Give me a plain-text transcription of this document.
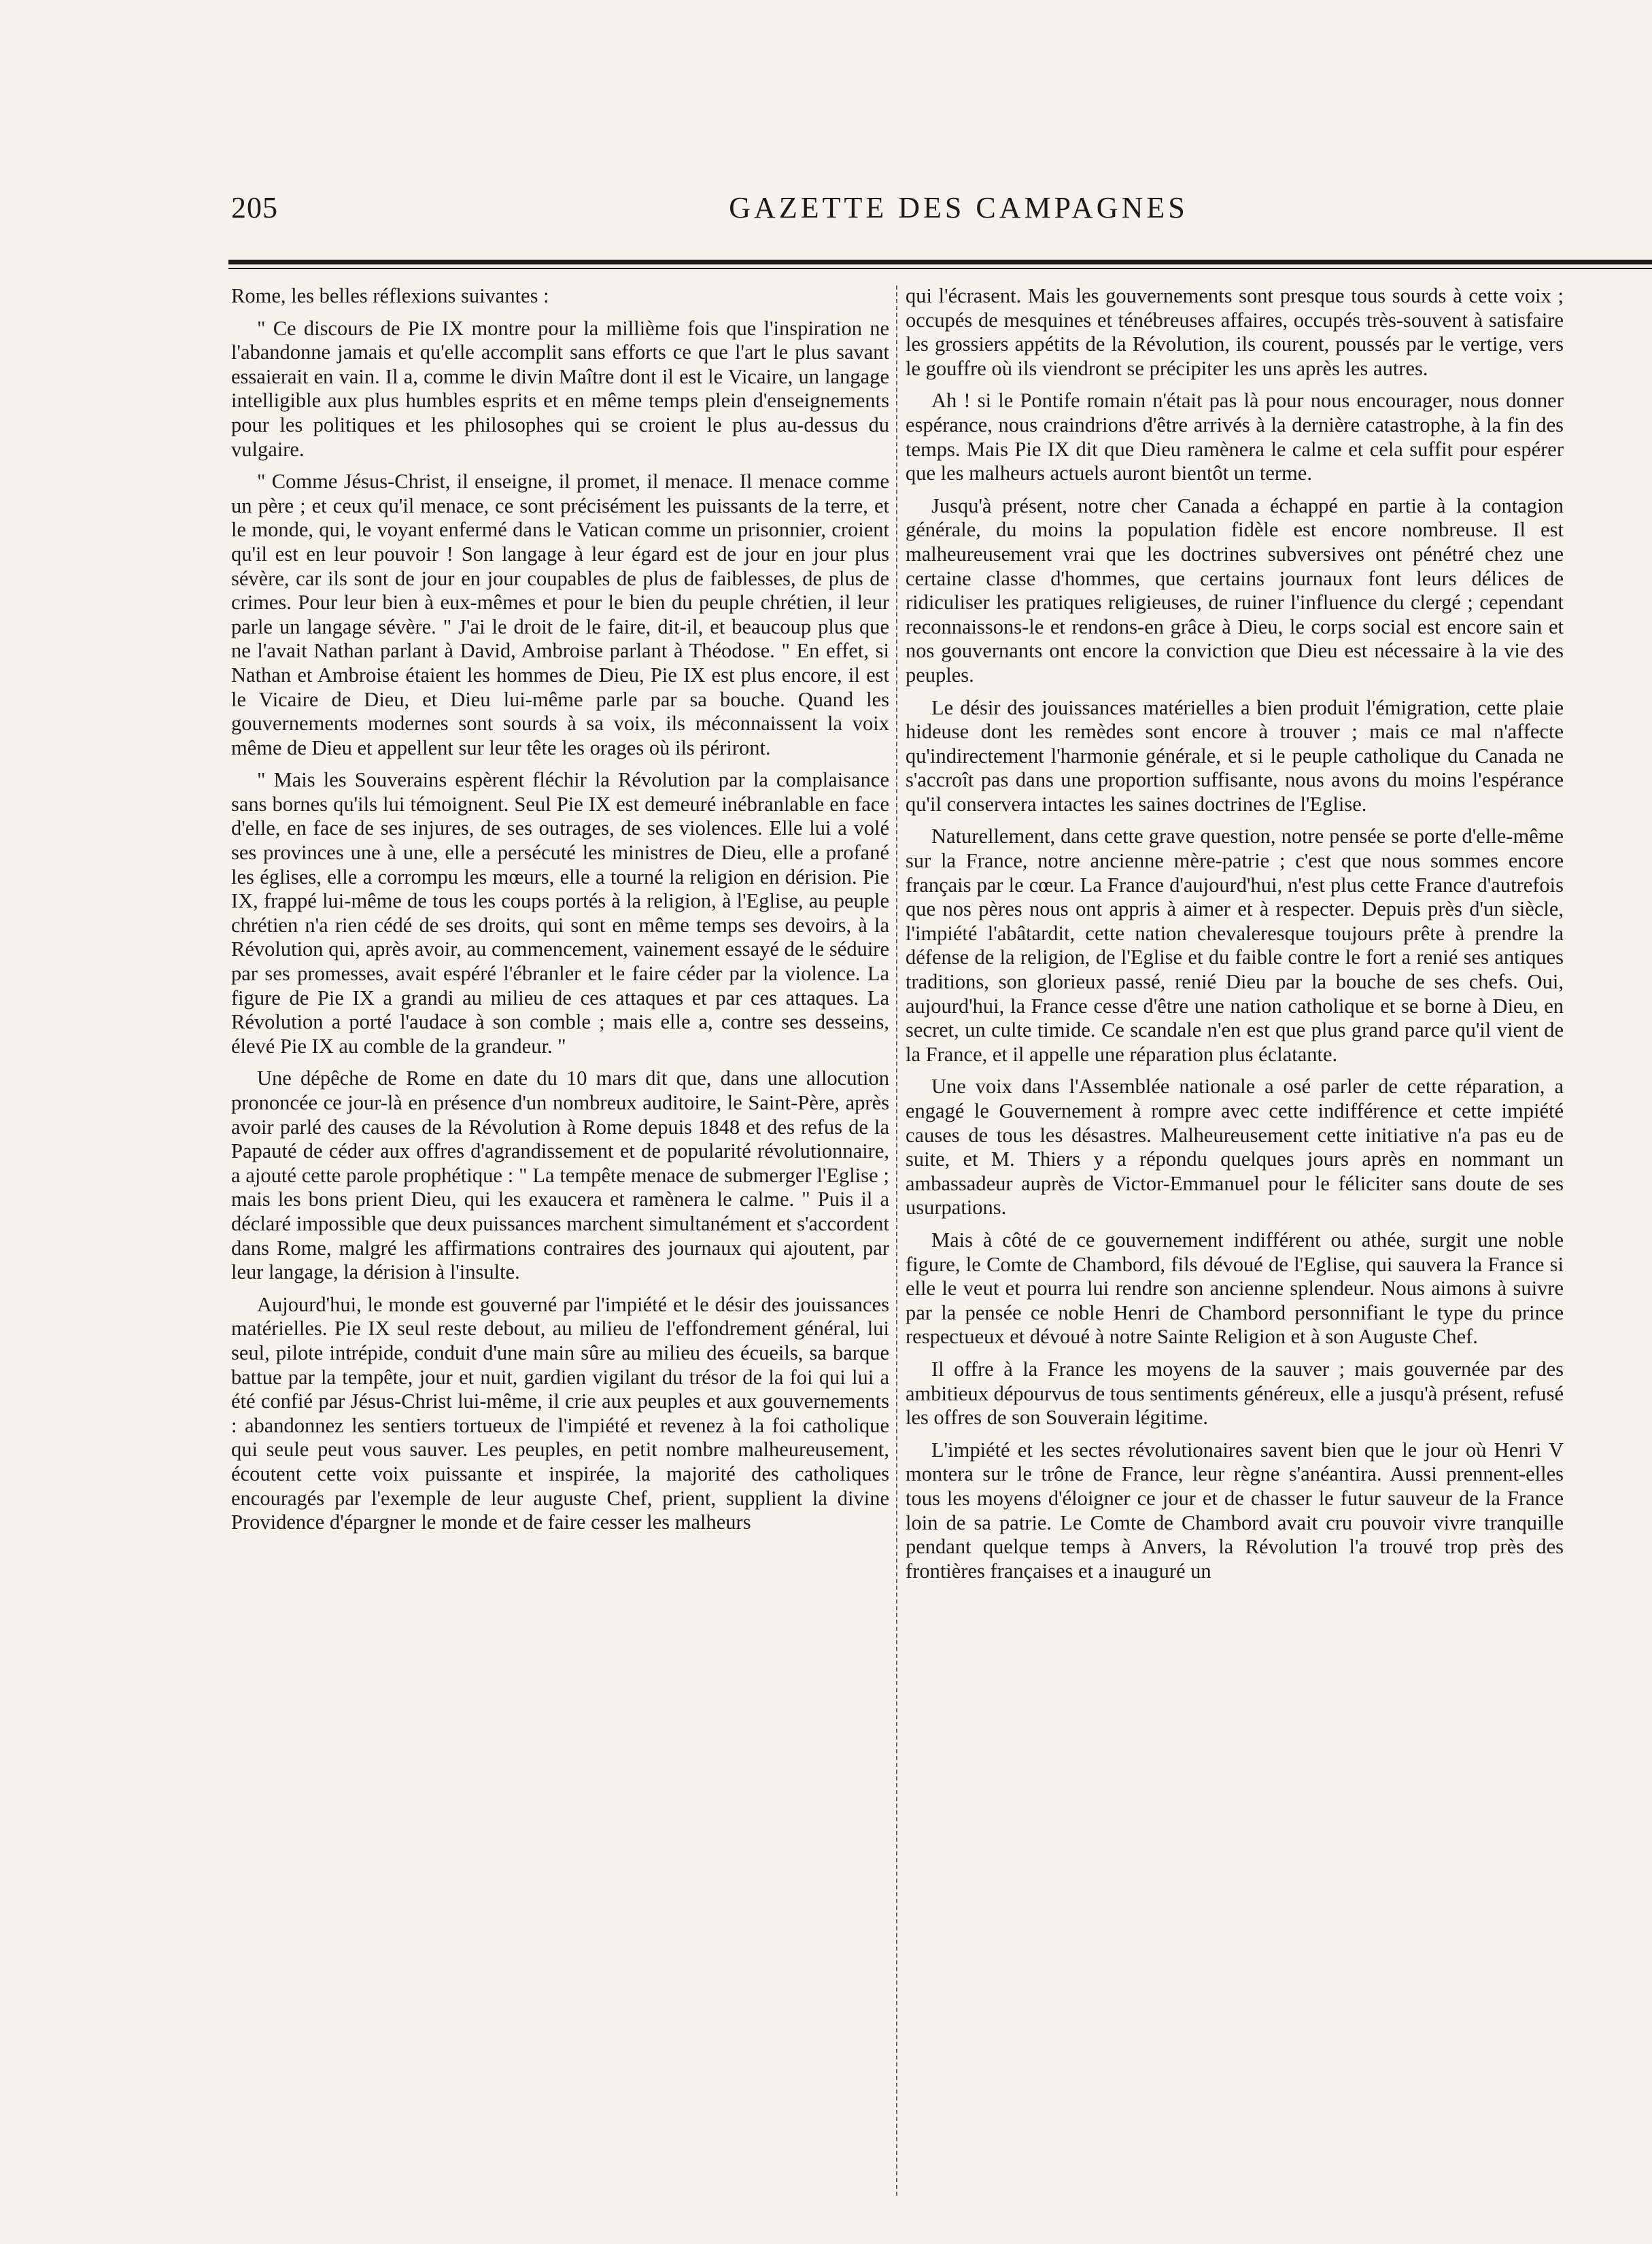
205	GAZETTE DES CAMPAGNES

Rome, les belles réflexions suivantes :

" Ce discours de Pie IX montre pour la millième fois que l'inspiration ne l'abandonne jamais et qu'elle accomplit sans efforts ce que l'art le plus savant essaierait en vain. Il a, comme le divin Maître dont il est le Vicaire, un langage intelligible aux plus humbles esprits et en même temps plein d'enseignements pour les politiques et les philosophes qui se croient le plus au-dessus du vulgaire.

" Comme Jésus-Christ, il enseigne, il promet, il menace. Il menace comme un père ; et ceux qu'il menace, ce sont précisément les puissants de la terre, et le monde, qui, le voyant enfermé dans le Vatican comme un prisonnier, croient qu'il est en leur pouvoir ! Son langage à leur égard est de jour en jour plus sévère, car ils sont de jour en jour coupables de plus de faiblesses, de plus de crimes. Pour leur bien à eux-mêmes et pour le bien du peuple chrétien, il leur parle un langage sévère. " J'ai le droit de le faire, dit-il, et beaucoup plus que ne l'avait Nathan parlant à David, Ambroise parlant à Théodose. " En effet, si Nathan et Ambroise étaient les hommes de Dieu, Pie IX est plus encore, il est le Vicaire de Dieu, et Dieu lui-même parle par sa bouche. Quand les gouvernements modernes sont sourds à sa voix, ils méconnaissent la voix même de Dieu et appellent sur leur tête les orages où ils périront.

" Mais les Souverains espèrent fléchir la Révolution par la complaisance sans bornes qu'ils lui témoignent. Seul Pie IX est demeuré inébranlable en face d'elle, en face de ses injures, de ses outrages, de ses violences. Elle lui a volé ses provinces une à une, elle a persécuté les ministres de Dieu, elle a profané les églises, elle a corrompu les mœurs, elle a tourné la religion en dérision. Pie IX, frappé lui-même de tous les coups portés à la religion, à l'Eglise, au peuple chrétien n'a rien cédé de ses droits, qui sont en même temps ses devoirs, à la Révolution qui, après avoir, au commencement, vainement essayé de le séduire par ses promesses, avait espéré l'ébranler et le faire céder par la violence. La figure de Pie IX a grandi au milieu de ces attaques et par ces attaques. La Révolution a porté l'audace à son comble ; mais elle a, contre ses desseins, élevé Pie IX au comble de la grandeur. "

Une dépêche de Rome en date du 10 mars dit que, dans une allocution prononcée ce jour-là en présence d'un nombreux auditoire, le Saint-Père, après avoir parlé des causes de la Révolution à Rome depuis 1848 et des refus de la Papauté de céder aux offres d'agrandissement et de popularité révolutionnaire, a ajouté cette parole prophétique : " La tempête menace de submerger l'Eglise ; mais les bons prient Dieu, qui les exaucera et ramènera le calme. " Puis il a déclaré impossible que deux puissances marchent simultanément et s'accordent dans Rome, malgré les affirmations contraires des journaux qui ajoutent, par leur langage, la dérision à l'insulte.

Aujourd'hui, le monde est gouverné par l'impiété et le désir des jouissances matérielles. Pie IX seul reste debout, au milieu de l'effondrement général, lui seul, pilote intrépide, conduit d'une main sûre au milieu des écueils, sa barque battue par la tempête, jour et nuit, gardien vigilant du trésor de la foi qui lui a été confié par Jésus-Christ lui-même, il crie aux peuples et aux gouvernements : abandonnez les sentiers tortueux de l'impiété et revenez à la foi catholique qui seule peut vous sauver. Les peuples, en petit nombre malheureusement, écoutent cette voix puissante et inspirée, la majorité des catholiques encouragés par l'exemple de leur auguste Chef, prient, supplient la divine Providence d'épargner le monde et de faire cesser les malheurs

qui l'écrasent. Mais les gouvernements sont presque tous sourds à cette voix ; occupés de mesquines et ténébreuses affaires, occupés très-souvent à satisfaire les grossiers appétits de la Révolution, ils courent, poussés par le vertige, vers le gouffre où ils viendront se précipiter les uns après les autres.

Ah ! si le Pontife romain n'était pas là pour nous encourager, nous donner espérance, nous craindrions d'être arrivés à la dernière catastrophe, à la fin des temps. Mais Pie IX dit que Dieu ramènera le calme et cela suffit pour espérer que les malheurs actuels auront bientôt un terme.

Jusqu'à présent, notre cher Canada a échappé en partie à la contagion générale, du moins la population fidèle est encore nombreuse. Il est malheureusement vrai que les doctrines subversives ont pénétré chez une certaine classe d'hommes, que certains journaux font leurs délices de ridiculiser les pratiques religieuses, de ruiner l'influence du clergé ; cependant reconnaissons-le et rendons-en grâce à Dieu, le corps social est encore sain et nos gouvernants ont encore la conviction que Dieu est nécessaire à la vie des peuples.

Le désir des jouissances matérielles a bien produit l'émigration, cette plaie hideuse dont les remèdes sont encore à trouver ; mais ce mal n'affecte qu'indirectement l'harmonie générale, et si le peuple catholique du Canada ne s'accroît pas dans une proportion suffisante, nous avons du moins l'espérance qu'il conservera intactes les saines doctrines de l'Eglise.

Naturellement, dans cette grave question, notre pensée se porte d'elle-même sur la France, notre ancienne mère-patrie ; c'est que nous sommes encore français par le cœur. La France d'aujourd'hui, n'est plus cette France d'autrefois que nos pères nous ont appris à aimer et à respecter. Depuis près d'un siècle, l'impiété l'abâtardit, cette nation chevaleresque toujours prête à prendre la défense de la religion, de l'Eglise et du faible contre le fort a renié ses antiques traditions, son glorieux passé, renié Dieu par la bouche de ses chefs. Oui, aujourd'hui, la France cesse d'être une nation catholique et se borne à Dieu, en secret, un culte timide. Ce scandale n'en est que plus grand parce qu'il vient de la France, et il appelle une réparation plus éclatante.

Une voix dans l'Assemblée nationale a osé parler de cette réparation, a engagé le Gouvernement à rompre avec cette indifférence et cette impiété causes de tous les désastres. Malheureusement cette initiative n'a pas eu de suite, et M. Thiers y a répondu quelques jours après en nommant un ambassadeur auprès de Victor-Emmanuel pour le féliciter sans doute de ses usurpations.

Mais à côté de ce gouvernement indifférent ou athée, surgit une noble figure, le Comte de Chambord, fils dévoué de l'Eglise, qui sauvera la France si elle le veut et pourra lui rendre son ancienne splendeur. Nous aimons à suivre par la pensée ce noble Henri de Chambord personnifiant le type du prince respectueux et dévoué à notre Sainte Religion et à son Auguste Chef.

Il offre à la France les moyens de la sauver ; mais gouvernée par des ambitieux dépourvus de tous sentiments généreux, elle a jusqu'à présent, refusé les offres de son Souverain légitime.

L'impiété et les sectes révolutionaires savent bien que le jour où Henri V montera sur le trône de France, leur règne s'anéantira. Aussi prennent-elles tous les moyens d'éloigner ce jour et de chasser le futur sauveur de la France loin de sa patrie. Le Comte de Chambord avait cru pouvoir vivre tranquille pendant quelque temps à Anvers, la Révolution l'a trouvé trop près des frontières françaises et a inauguré un
